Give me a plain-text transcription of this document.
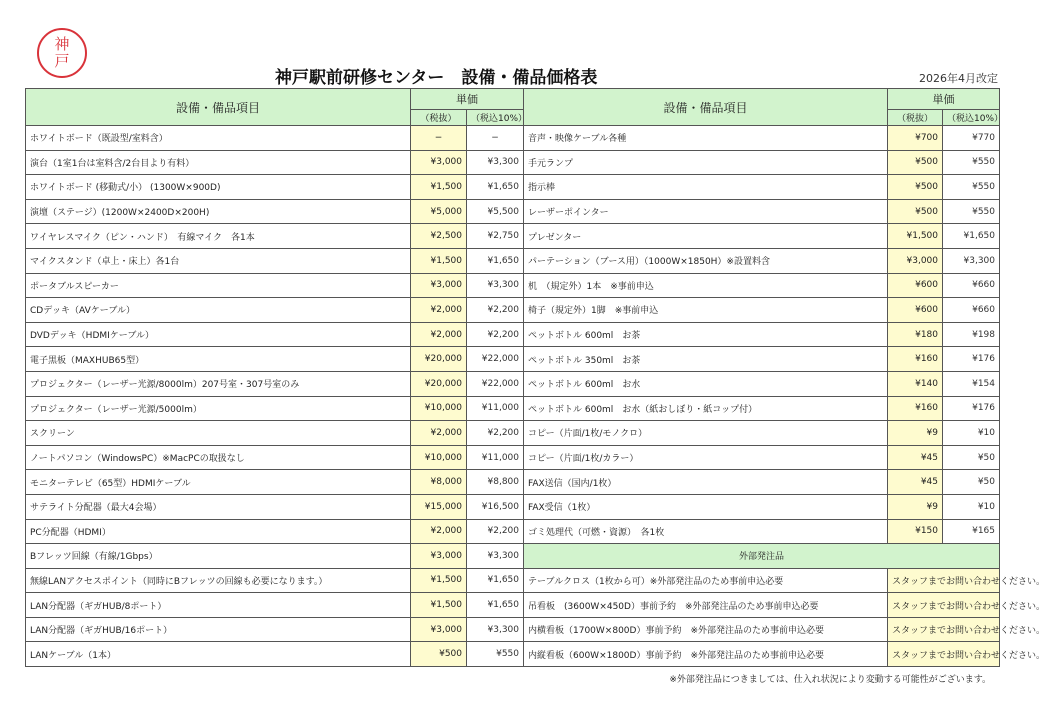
神
戸
神戸駅前研修センター　設備・備品価格表	2026年4月改定
設備・備品項目	単価		設備・備品項目	単価	
	（税抜）	（税込10%）		（税抜）	（税込10%）
ホワイトボード（既設型/室料含）	−	−	音声・映像ケーブル各種	¥700	¥770
演台（1室1台は室料含/2台目より有料）	¥3,000	¥3,300	手元ランプ	¥500	¥550
ホワイトボード (移動式/小） (1300W×900D)	¥1,500	¥1,650	指示棒	¥500	¥550
演壇（ステージ）(1200W×2400D×200H)	¥5,000	¥5,500	レーザーポインター	¥500	¥550
ワイヤレスマイク（ピン・ハンド）　有線マイク　各1本	¥2,500	¥2,750	プレゼンター	¥1,500	¥1,650
マイクスタンド（卓上・床上）各1台	¥1,500	¥1,650	パーテーション（ブース用）（1000W×1850H）※設置料含	¥3,000	¥3,300
ポータブルスピーカー	¥3,000	¥3,300	机　（規定外）1本　※事前申込	¥600	¥660
CDデッキ（AVケーブル）	¥2,000	¥2,200	椅子（規定外）1脚　※事前申込	¥600	¥660
DVDデッキ（HDMIケーブル）	¥2,000	¥2,200	ペットボトル 600ml　お茶	¥180	¥198
電子黒板（MAXHUB65型）	¥20,000	¥22,000	ペットボトル 350ml　お茶	¥160	¥176
プロジェクター（レーザー光源/8000lm）207号室・307号室のみ	¥20,000	¥22,000	ペットボトル 600ml　お水	¥140	¥154
プロジェクター（レーザー光源/5000lm）	¥10,000	¥11,000	ペットボトル 600ml　お水（紙おしぼり・紙コップ付）	¥160	¥176
スクリーン	¥2,000	¥2,200	コピー（片面/1枚/モノクロ）	¥9	¥10
ノートパソコン（WindowsPC）※MacPCの取扱なし	¥10,000	¥11,000	コピー（片面/1枚/カラー）	¥45	¥50
モニターテレビ（65型）HDMIケーブル	¥8,000	¥8,800	FAX送信（国内/1枚）	¥45	¥50
サテライト分配器（最大4会場）	¥15,000	¥16,500	FAX受信（1枚）	¥9	¥10
PC分配器（HDMI）	¥2,000	¥2,200	ゴミ処理代（可燃・資源）　各1枚	¥150	¥165
Bフレッツ回線（有線/1Gbps）	¥3,000	¥3,300	外部発注品		
無線LANアクセスポイント（同時にBフレッツの回線も必要になります。）	¥1,500	¥1,650	テーブルクロス（1枚から可）※外部発注品のため事前申込必要	スタッフまでお問い合わせください。	
LAN分配器（ギガHUB/8ポート）	¥1,500	¥1,650	吊看板　(3600W×450D）事前予約　※外部発注品のため事前申込必要	スタッフまでお問い合わせください。	
LAN分配器（ギガHUB/16ポート）	¥3,000	¥3,300	内横看板（1700W×800D）事前予約　※外部発注品のため事前申込必要	スタッフまでお問い合わせください。	
LANケーブル（1本）	¥500	¥550	内縦看板（600W×1800D）事前予約　※外部発注品のため事前申込必要	スタッフまでお問い合わせください。	
※外部発注品につきましては、仕入れ状況により変動する可能性がございます。
